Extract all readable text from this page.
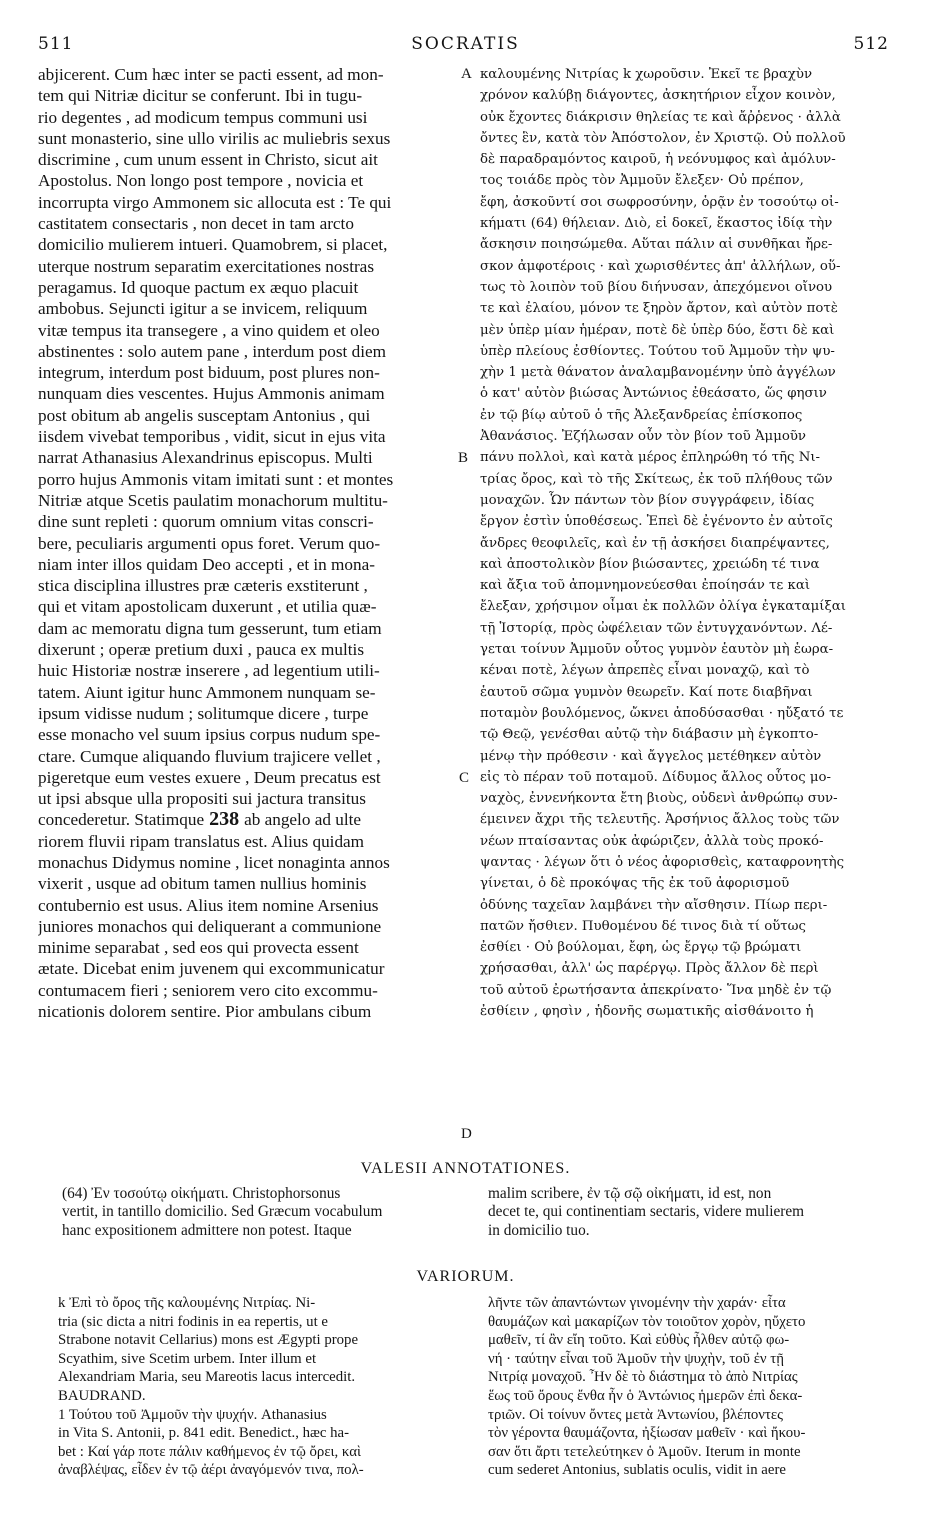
511	SOCRATIS	512
abjicerent. Cum hæc inter se pacti essent, ad mon-
tem qui Nitriæ dicitur se conferunt. Ibi in tugu-
rio degentes , ad modicum tempus communi usi
sunt monasterio, sine ullo virilis ac muliebris sexus
discrimine , cum unum essent in Christo, sicut ait
Apostolus. Non longo post tempore , novicia et
incorrupta virgo Ammonem sic allocuta est : Te qui
castitatem consectaris , non decet in tam arcto
domicilio mulierem intueri. Quamobrem, si placet,
uterque nostrum separatim exercitationes nostras
peragamus. Id quoque pactum ex æquo placuit
ambobus. Sejuncti igitur a se invicem, reliquum
vitæ tempus ita transegere , a vino quidem et oleo
abstinentes : solo autem pane , interdum post diem
integrum, interdum post biduum, post plures non-
nunquam dies vescentes. Hujus Ammonis animam
post obitum ab angelis susceptam Antonius , qui
iisdem vivebat temporibus , vidit, sicut in ejus vita
narrat Athanasius Alexandrinus episcopus. Multi
porro hujus Ammonis vitam imitati sunt : et montes
Nitriæ atque Scetis paulatim monachorum multitu-
dine sunt repleti : quorum omnium vitas conscri-
bere, peculiaris argumenti opus foret. Verum quo-
niam inter illos quidam Deo accepti , et in mona-
stica disciplina illustres præ cæteris exstiterunt ,
qui et vitam apostolicam duxerunt , et utilia quæ-
dam ac memoratu digna tum gesserunt, tum etiam
dixerunt ; operæ pretium duxi , pauca ex multis
huic Historiæ nostræ inserere , ad legentium utili-
tatem. Aiunt igitur hunc Ammonem nunquam se-
ipsum vidisse nudum ; solitumque dicere , turpe
esse monacho vel suum ipsius corpus nudum spe-
ctare. Cumque aliquando fluvium trajicere vellet ,
pigeretque eum vestes exuere , Deum precatus est
ut ipsi absque ulla propositi sui jactura transitus
concederetur. Statimque 238 ab angelo ad ulte
riorem fluvii ripam translatus est. Alius quidam
monachus Didymus nomine , licet nonaginta annos
vixerit , usque ad obitum tamen nullius hominis
contubernio est usus. Alius item nomine Arsenius
juniores monachos qui deliquerant a communione
minime separabat , sed eos qui provecta essent
ætate. Dicebat enim juvenem qui excommunicatur
contumacem fieri ; seniorem vero cito excommu-
nicationis dolorem sentire. Pior ambulans cibum
καλουμένης Νιτρίας k χωροῦσιν. Ἐκεῖ τε βραχὺν
χρόνον καλύβῃ διάγοντες, ἀσκητήριον εἶχον κοινὸν,
οὐκ ἔχοντες διάκρισιν θηλείας τε καὶ ἄῤῥενος · ἀλλὰ
ὄντες ἓν, κατὰ τὸν Ἀπόστολον, ἐν Χριστῷ. Οὐ πολλοῦ
δὲ παραδραμόντος καιροῦ, ἡ νεόνυμφος καὶ ἀμόλυν-
τος τοιάδε πρὸς τὸν Ἀμμοῦν ἔλεξεν· Οὐ πρέπον,
ἔφη, ἀσκοῦντί σοι σωφροσύνην, ὁρᾷν ἐν τοσούτῳ οἰ-
κήματι (64) θήλειαν. Διὸ, εἰ δοκεῖ, ἕκαστος ἰδίᾳ τὴν
ἄσκησιν ποιησώμεθα. Αὕται πάλιν αἱ συνθῆκαι ἤρε-
σκον ἀμφοτέροις · καὶ χωρισθέντες ἀπ' ἀλλήλων, οὕ-
τως τὸ λοιπὸν τοῦ βίου διήνυσαν, ἀπεχόμενοι οἴνου
τε καὶ ἐλαίου, μόνον τε ξηρὸν ἄρτον, καὶ αὐτὸν ποτὲ
μὲν ὑπὲρ μίαν ἡμέραν, ποτὲ δὲ ὑπὲρ δύο, ἔστι δὲ καὶ
ὑπὲρ πλείους ἐσθίοντες. Τούτου τοῦ Ἀμμοῦν τὴν ψυ-
χὴν 1 μετὰ θάνατον ἀναλαμβανομένην ὑπὸ ἀγγέλων
ὁ κατ' αὐτὸν βιώσας Ἀντώνιος ἐθεάσατο, ὥς φησιν
ἐν τῷ βίῳ αὐτοῦ ὁ τῆς Ἀλεξανδρείας ἐπίσκοπος
Ἀθανάσιος. Ἐζήλωσαν οὖν τὸν βίον τοῦ Ἀμμοῦν
πάνυ πολλοὶ, καὶ κατὰ μέρος ἐπληρώθη τό τῆς Νι-
τρίας ὄρος, καὶ τὸ τῆς Σκίτεως, ἐκ τοῦ πλήθους τῶν
μοναχῶν. Ὧν πάντων τὸν βίον συγγράφειν, ἰδίας
ἔργον ἐστὶν ὑποθέσεως. Ἐπεὶ δὲ ἐγένοντο ἐν αὐτοῖς
ἄνδρες θεοφιλεῖς, καὶ ἐν τῇ ἀσκήσει διαπρέψαντες,
καὶ ἀποστολικὸν βίον βιώσαντες, χρειώδη τέ τινα
καὶ ἄξια τοῦ ἀπομνημονεύεσθαι ἐποίησάν τε καὶ
ἔλεξαν, χρήσιμον οἶμαι ἐκ πολλῶν ὀλίγα ἐγκαταμίξαι
τῇ Ἱστορίᾳ, πρὸς ὠφέλειαν τῶν ἐντυγχανόντων. Λέ-
γεται τοίνυν Ἀμμοῦν οὗτος γυμνὸν ἑαυτὸν μὴ ἑωρα-
κέναι ποτὲ, λέγων ἀπρεπὲς εἶναι μοναχῷ, καὶ τὸ
ἑαυτοῦ σῶμα γυμνὸν θεωρεῖν. Καί ποτε διαβῆναι
ποταμὸν βουλόμενος, ὤκνει ἀποδύσασθαι · ηὔξατό τε
τῷ Θεῷ, γενέσθαι αὐτῷ τὴν διάβασιν μὴ ἐγκοπτο-
μένῳ τὴν πρόθεσιν · καὶ ἄγγελος μετέθηκεν αὐτὸν
εἰς τὸ πέραν τοῦ ποταμοῦ. Δίδυμος ἄλλος οὗτος μο-
ναχὸς, ἐννενήκοντα ἔτη βιοὺς, οὐδενὶ ἀνθρώπῳ συν-
έμεινεν ἄχρι τῆς τελευτῆς. Ἀρσήνιος ἄλλος τοὺς τῶν
νέων πταίσαντας οὐκ ἀφώριζεν, ἀλλὰ τοὺς προκό-
ψαντας · λέγων ὅτι ὁ νέος ἀφορισθεὶς, καταφρονητὴς
γίνεται, ὁ δὲ προκόψας τῆς ἐκ τοῦ ἀφορισμοῦ
ὀδύνης ταχεῖαν λαμβάνει τὴν αἴσθησιν. Πίωρ περι-
πατῶν ἤσθιεν. Πυθομένου δέ τινος διὰ τί οὕτως
ἐσθίει · Οὐ βούλομαι, ἔφη, ὡς ἔργῳ τῷ βρώματι
χρήσασθαι, ἀλλ' ὡς παρέργῳ. Πρὸς ἄλλον δὲ περὶ
τοῦ αὐτοῦ ἐρωτήσαντα ἀπεκρίνατο· Ἵνα μηδὲ ἐν τῷ
ἐσθίειν , φησὶν , ἡδονῆς σωματικῆς αἰσθάνοιτο ἡ
A
B
C
D
VALESII ANNOTATIONES.
(64) Ἐν τοσούτῳ οἰκήματι. Christophorsonus
vertit, in tantillo domicilio. Sed Græcum vocabulum
hanc expositionem admittere non potest. Itaque
malim scribere, ἐν τῷ σῷ οἰκήματι, id est, non
decet te, qui continentiam sectaris, videre mulierem
in domicilio tuo.
VARIORUM.
k Ἐπὶ τὸ ὄρος τῆς καλουμένης Νιτρίας. Ni-
tria (sic dicta a nitri fodinis in ea repertis, ut e
Strabone notavit Cellarius) mons est Ægypti prope
Scyathim, sive Scetim urbem. Inter illum et
Alexandriam Maria, seu Mareotis lacus intercedit.
BAUDRAND.
1 Τούτου τοῦ Ἀμμοῦν τὴν ψυχήν. Athanasius
in Vita S. Antonii, p. 841 edit. Benedict., hæc ha-
bet : Καί γάρ ποτε πάλιν καθήμενος ἐν τῷ ὄρει, καὶ
ἀναβλέψας, εἶδεν ἐν τῷ ἀέρι ἀναγόμενόν τινα, πολ-
λῆντε τῶν ἀπαντώντων γινομένην τὴν χαράν· εἶτα
θαυμάζων καὶ μακαρίζων τὸν τοιοῦτον χορὸν, ηὔχετο
μαθεῖν, τί ἂν εἴη τοῦτο. Καὶ εὐθὺς ἦλθεν αὐτῷ φω-
νή · ταύτην εἶναι τοῦ Ἀμοῦν τὴν ψυχὴν, τοῦ ἐν τῇ
Νιτρίᾳ μοναχοῦ. Ἦν δὲ τὸ διάστημα τὸ ἀπὸ Νιτρίας
ἕως τοῦ ὄρους ἔνθα ἦν ὁ Ἀντώνιος ἡμερῶν ἐπὶ δεκα-
τριῶν. Οἱ τοίνυν ὄντες μετὰ Ἀντωνίου, βλέποντες
τὸν γέροντα θαυμάζοντα, ἠξίωσαν μαθεῖν · καὶ ἤκου-
σαν ὅτι ἄρτι τετελεύτηκεν ὁ Ἀμοῦν. Iterum in monte
cum sederet Antonius, sublatis oculis, vidit in aere
